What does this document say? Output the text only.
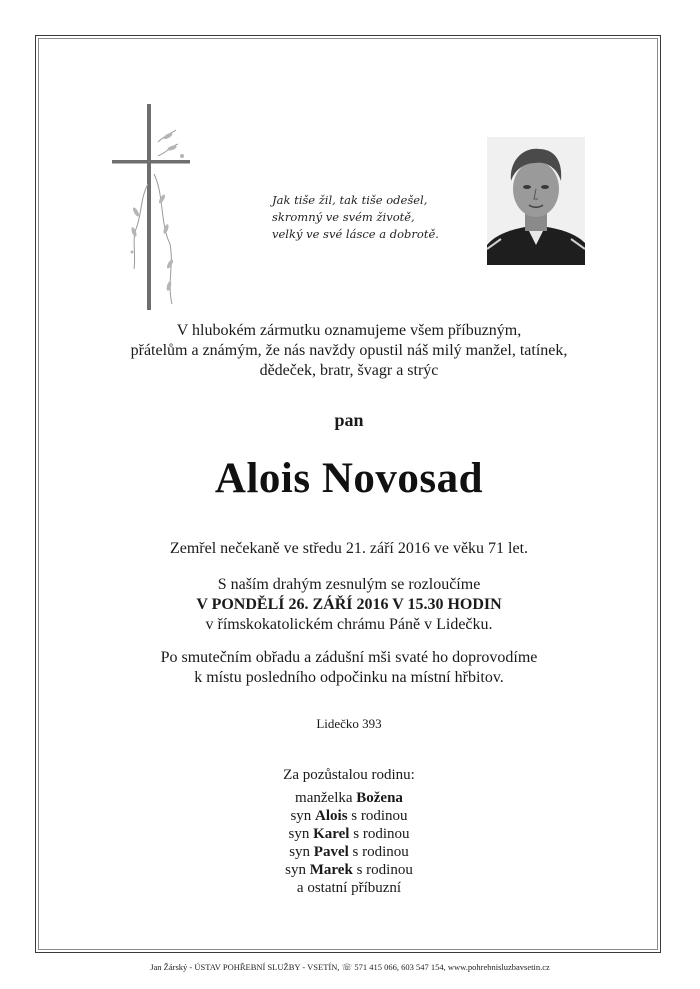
Jak tiše žil, tak tiše odešel,
skromný ve svém životě,
velký ve své lásce a dobrotě.
V hlubokém zármutku oznamujeme všem příbuzným,
přátelům a známým, že nás navždy opustil náš milý manžel, tatínek,
dědeček, bratr, švagr a strýc
pan
Alois Novosad
Zemřel nečekaně ve středu 21. září 2016 ve věku 71 let.
S naším drahým zesnulým se rozloučíme
V PONDĚLÍ 26. ZÁŘÍ 2016 V 15.30 HODIN
v římskokatolickém chrámu Páně v Lidečku.
Po smutečním obřadu a zádušní mši svaté ho doprovodíme
k místu posledního odpočinku na místní hřbitov.
Lidečko 393
Za pozůstalou rodinu:
manželka Božena
syn Alois s rodinou
syn Karel s rodinou
syn Pavel s rodinou
syn Marek s rodinou
a ostatní příbuzní
Jan Žárský - ÚSTAV POHŘEBNÍ SLUŽBY - VSETÍN, ☏ 571 415 066, 603 547 154, www.pohrebnisluzbavsetin.cz
